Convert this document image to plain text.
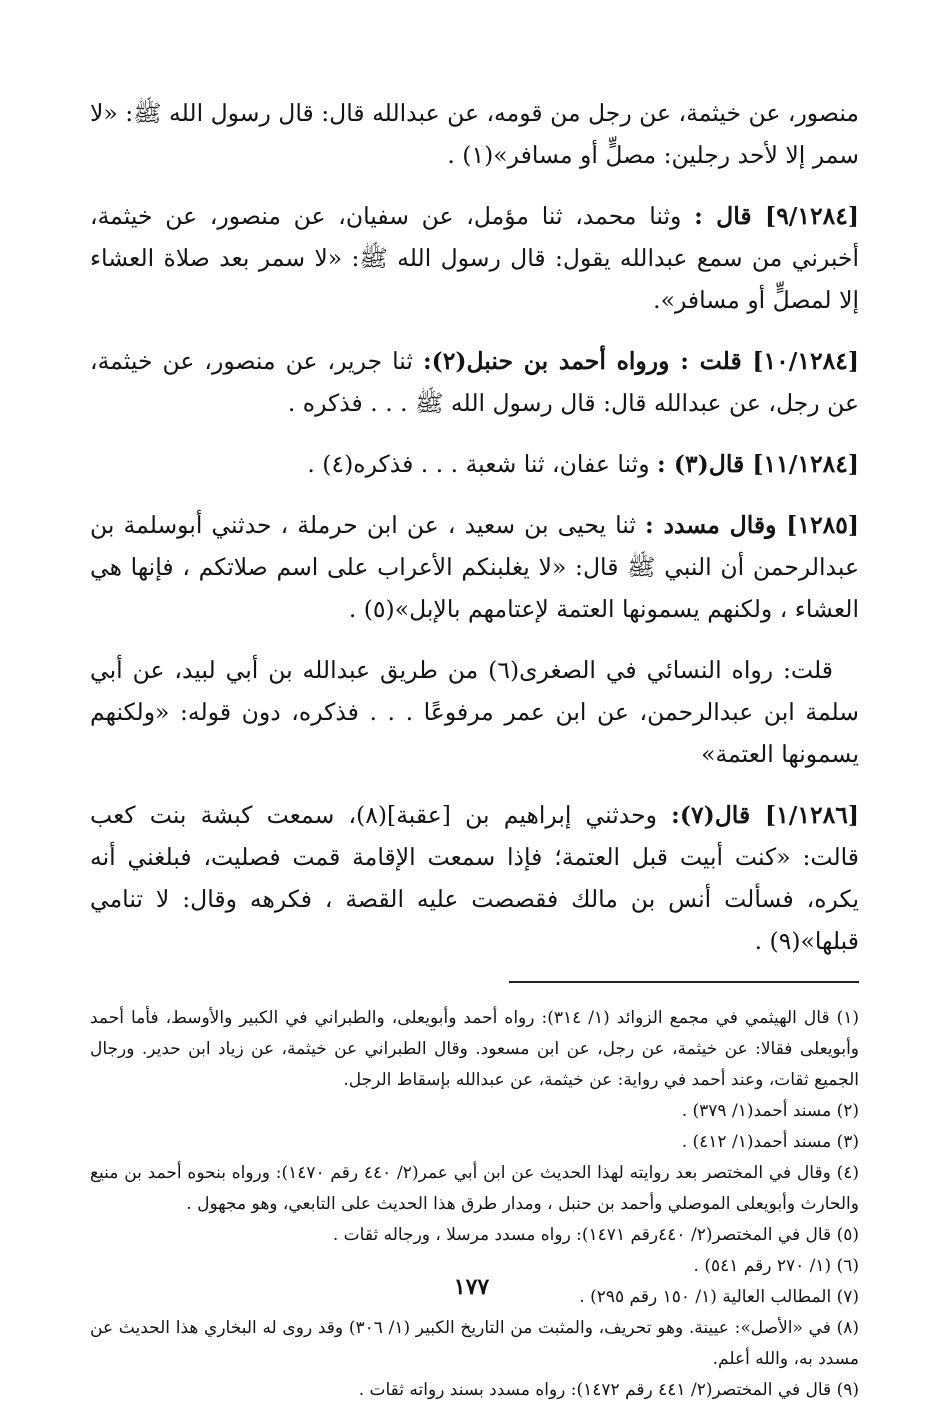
منصور، عن خيثمة، عن رجل من قومه، عن عبدالله قال: قال رسول الله ﷺ: «لا سمر إلا لأحد رجلين: مصلٍّ أو مسافر»(١) .

[٩/١٢٨٤] قال : وثنا محمد، ثنا مؤمل، عن سفيان، عن منصور، عن خيثمة، أخبرني من سمع عبدالله يقول: قال رسول الله ﷺ: «لا سمر بعد صلاة العشاء إلا لمصلٍّ أو مسافر».

[١٠/١٢٨٤] قلت : ورواه أحمد بن حنبل(٢): ثنا جرير، عن منصور، عن خيثمة، عن رجل، عن عبدالله قال: قال رسول الله ﷺ . . . فذكره .

[١١/١٢٨٤] قال(٣) : وثنا عفان، ثنا شعبة . . . فذكره(٤) .

[١٢٨٥] وقال مسدد : ثنا يحيى بن سعيد ، عن ابن حرملة ، حدثني أبوسلمة بن عبدالرحمن أن النبي ﷺ قال: «لا يغلبنكم الأعراب على اسم صلاتكم ، فإنها هي العشاء ، ولكنهم يسمونها العتمة لإعتامهم بالإبل»(٥) .

قلت: رواه النسائي في الصغرى(٦) من طريق عبدالله بن أبي لبيد، عن أبي سلمة ابن عبدالرحمن، عن ابن عمر مرفوعًا . . . فذكره، دون قوله: «ولكنهم يسمونها العتمة»

[١/١٢٨٦] قال(٧): وحدثني إبراهيم بن [عقبة](٨)، سمعت كبشة بنت كعب قالت: «كنت أبيت قبل العتمة؛ فإذا سمعت الإقامة قمت فصليت، فبلغني أنه يكره، فسألت أنس بن مالك فقصصت عليه القصة ، فكرهه وقال: لا تنامي قبلها»(٩) .

(١) قال الهيثمي في مجمع الزوائد (١/ ٣١٤): رواه أحمد وأبويعلى، والطبراني في الكبير والأوسط، فأما أحمد وأبويعلى فقالا: عن خيثمة، عن رجل، عن ابن مسعود. وقال الطبراني عن خيثمة، عن زياد ابن حدير. ورجال الجميع ثقات، وعند أحمد في رواية: عن خيثمة، عن عبدالله بإسقاط الرجل.

(٢) مسند أحمد(١/ ٣٧٩) .

(٣) مسند أحمد(١/ ٤١٢) .

(٤) وقال في المختصر بعد روايته لهذا الحديث عن ابن أبي عمر(٢/ ٤٤٠ رقم ١٤٧٠): ورواه بنحوه أحمد بن منيع والحارث وأبويعلى الموصلي وأحمد بن حنبل ، ومدار طرق هذا الحديث على التابعي، وهو مجهول .

(٥) قال في المختصر(٢/ ٤٤٠رقم ١٤٧١): رواه مسدد مرسلا ، ورجاله ثقات .

(٦) (١/ ٢٧٠ رقم ٥٤١) .

(٧) المطالب العالية (١/ ١٥٠ رقم ٢٩٥) .

(٨) في «الأصل»: عيينة. وهو تحريف، والمثبت من التاريخ الكبير (١/ ٣٠٦) وقد روى له البخاري هذا الحديث عن مسدد به، والله أعلم.

(٩) قال في المختصر(٢/ ٤٤١ رقم ١٤٧٢): رواه مسدد بسند رواته ثقات .

١٧٧
